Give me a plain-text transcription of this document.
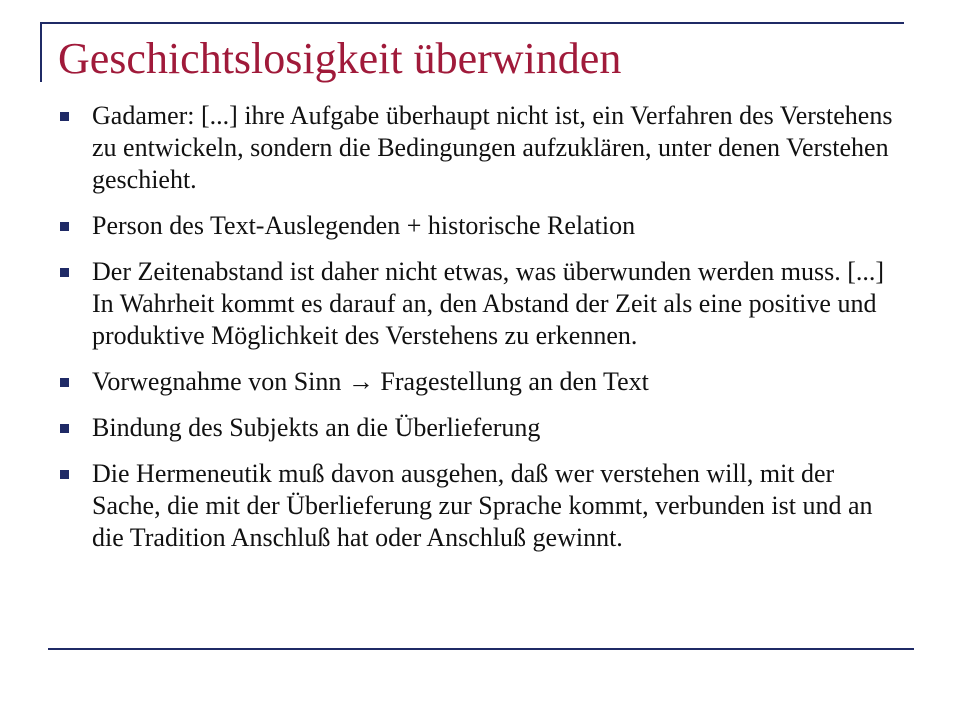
Geschichtslosigkeit überwinden
Gadamer: [...] ihre Aufgabe überhaupt nicht ist, ein Verfahren des Verstehens zu entwickeln, sondern die Bedingungen aufzuklären, unter denen Verstehen geschieht.
Person des Text-Auslegenden + historische Relation
Der Zeitenabstand ist daher nicht etwas, was überwunden werden muss. [...] In Wahrheit kommt es darauf an, den Abstand der Zeit als eine positive und produktive Möglichkeit des Verstehens zu erkennen.
Vorwegnahme von Sinn → Fragestellung an den Text
Bindung des Subjekts an die Überlieferung
Die Hermeneutik muß davon ausgehen, daß wer verstehen will, mit der Sache, die mit der Überlieferung zur Sprache kommt, verbunden ist und an die Tradition Anschluß hat oder Anschluß gewinnt.
